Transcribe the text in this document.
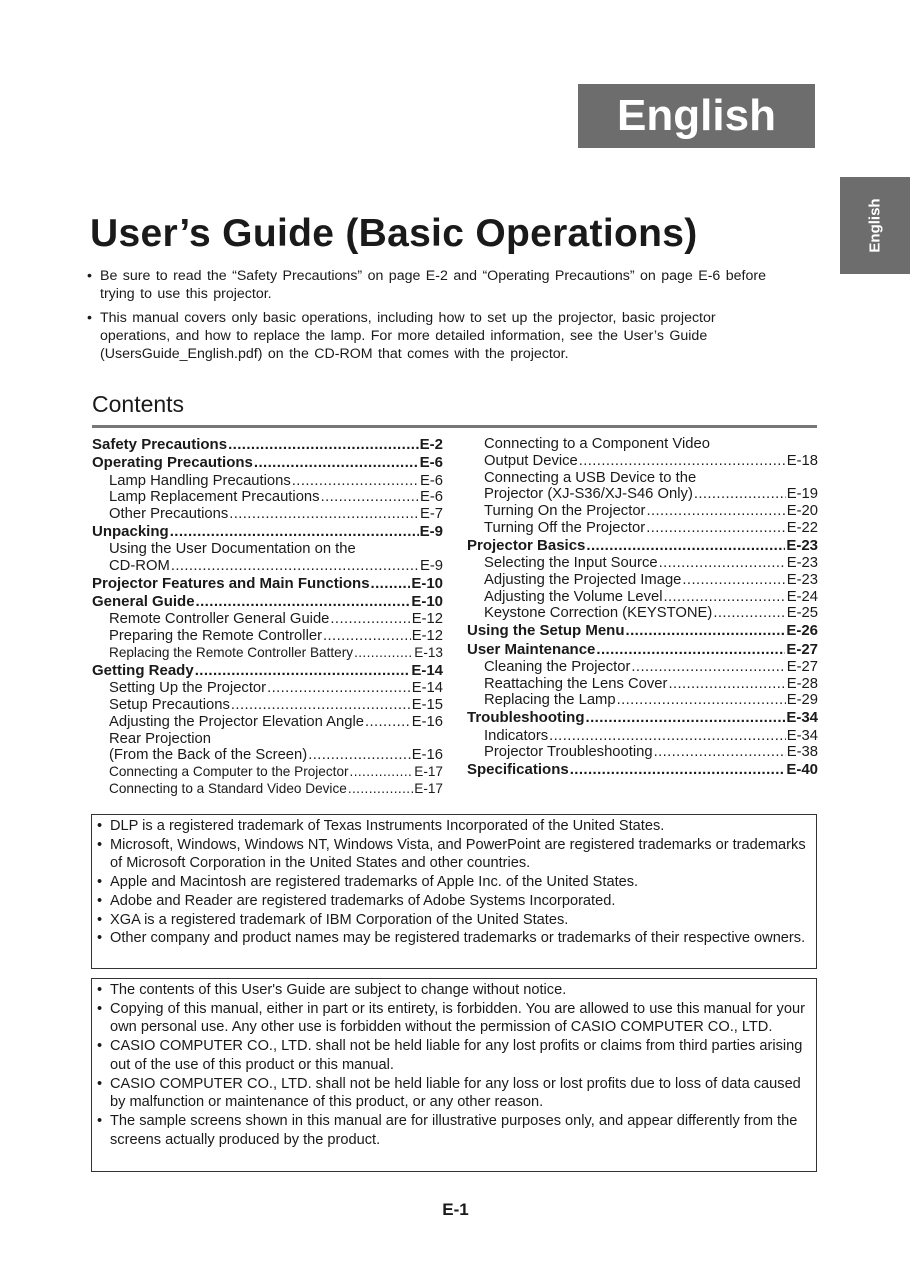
English
English
User’s Guide (Basic Operations)
• Be sure to read the “Safety Precautions” on page E-2 and “Operating Precautions” on page E-6 before trying to use this projector.
• This manual covers only basic operations, including how to set up the projector, basic projector operations, and how to replace the lamp. For more detailed information, see the User’s Guide (UsersGuide_English.pdf) on the CD-ROM that comes with the projector.
Contents
Safety Precautions .....	E-2
Operating Precautions .....	E-6
Lamp Handling Precautions .....	E-6
Lamp Replacement Precautions .....	E-6
Other Precautions .....	E-7
Unpacking .....	E-9
Using the User Documentation on the
CD-ROM .....	E-9
Projector Features and Main Functions .....	E-10
General Guide .....	E-10
Remote Controller General Guide .....	E-12
Preparing the Remote Controller .....	E-12
Replacing the Remote Controller Battery .....	E-13
Getting Ready .....	E-14
Setting Up the Projector .....	E-14
Setup Precautions .....	E-15
Adjusting the Projector Elevation Angle .....	E-16
Rear Projection
(From the Back of the Screen) .....	E-16
Connecting a Computer to the Projector .....	E-17
Connecting to a Standard Video Device .....	E-17
Connecting to a Component Video
Output Device .....	E-18
Connecting a USB Device to the
Projector (XJ-S36/XJ-S46 Only) .....	E-19
Turning On the Projector .....	E-20
Turning Off the Projector .....	E-22
Projector Basics .....	E-23
Selecting the Input Source .....	E-23
Adjusting the Projected Image .....	E-23
Adjusting the Volume Level .....	E-24
Keystone Correction (KEYSTONE) .....	E-25
Using the Setup Menu .....	E-26
User Maintenance .....	E-27
Cleaning the Projector .....	E-27
Reattaching the Lens Cover .....	E-28
Replacing the Lamp .....	E-29
Troubleshooting .....	E-34
Indicators .....	E-34
Projector Troubleshooting .....	E-38
Specifications .....	E-40
• DLP is a registered trademark of Texas Instruments Incorporated of the United States.
• Microsoft, Windows, Windows NT, Windows Vista, and PowerPoint are registered trademarks or trademarks of Microsoft Corporation in the United States and other countries.
• Apple and Macintosh are registered trademarks of Apple Inc. of the United States.
• Adobe and Reader are registered trademarks of Adobe Systems Incorporated.
• XGA is a registered trademark of IBM Corporation of the United States.
• Other company and product names may be registered trademarks or trademarks of their respective owners.
• The contents of this User's Guide are subject to change without notice.
• Copying of this manual, either in part or its entirety, is forbidden. You are allowed to use this manual for your own personal use. Any other use is forbidden without the permission of CASIO COMPUTER CO., LTD.
• CASIO COMPUTER CO., LTD. shall not be held liable for any lost profits or claims from third parties arising out of the use of this product or this manual.
• CASIO COMPUTER CO., LTD. shall not be held liable for any loss or lost profits due to loss of data caused by malfunction or maintenance of this product, or any other reason.
• The sample screens shown in this manual are for illustrative purposes only, and appear differently from the screens actually produced by the product.

E-1
